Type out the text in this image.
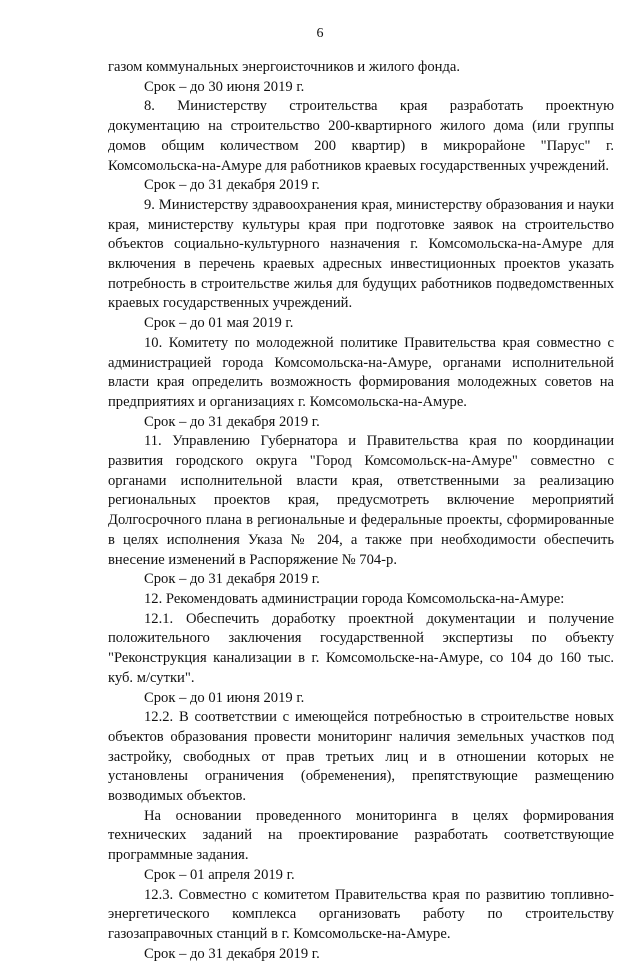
6

газом коммунальных энергоисточников и жилого фонда.

Срок – до 30 июня 2019 г.

8. Министерству строительства края разработать проектную документацию на строительство 200-квартирного жилого дома (или группы домов общим количеством 200 квартир) в микрорайоне "Парус" г. Комсомольска-на-Амуре для работников краевых государственных учреждений.

Срок – до 31 декабря 2019 г.

9. Министерству здравоохранения края, министерству образования и науки края, министерству культуры края при подготовке заявок на строительство объектов социально-культурного назначения г. Комсомольска-на-Амуре для включения в перечень краевых адресных инвестиционных проектов указать потребность в строительстве жилья для будущих работников подведомственных краевых государственных учреждений.

Срок – до 01 мая 2019 г.

10. Комитету по молодежной политике Правительства края совместно с администрацией города Комсомольска-на-Амуре, органами исполнительной власти края определить возможность формирования молодежных советов на предприятиях и организациях г. Комсомольска-на-Амуре.

Срок – до 31 декабря 2019 г.

11. Управлению Губернатора и Правительства края по координации развития городского округа "Город Комсомольск-на-Амуре" совместно с органами исполнительной власти края, ответственными за реализацию региональных проектов края, предусмотреть включение мероприятий Долгосрочного плана в региональные и федеральные проекты, сформированные в целях исполнения Указа № 204, а также при необходимости обеспечить внесение изменений в Распоряжение № 704-р.

Срок – до 31 декабря 2019 г.

12. Рекомендовать администрации города Комсомольска-на-Амуре:

12.1. Обеспечить доработку проектной документации и получение положительного заключения государственной экспертизы по объекту "Реконструкция канализации в г. Комсомольске-на-Амуре, со 104 до 160 тыс. куб. м/сутки".

Срок – до 01 июня 2019 г.

12.2. В соответствии с имеющейся потребностью в строительстве новых объектов образования провести мониторинг наличия земельных участков под застройку, свободных от прав третьих лиц и в отношении которых не установлены ограничения (обременения), препятствующие размещению возводимых объектов.

На основании проведенного мониторинга в целях формирования технических заданий на проектирование разработать соответствующие программные задания.

Срок – 01 апреля 2019 г.

12.3. Совместно с комитетом Правительства края по развитию топливно-энергетического комплекса организовать работу по строительству газозаправочных станций в г. Комсомольске-на-Амуре.

Срок – до 31 декабря 2019 г.
